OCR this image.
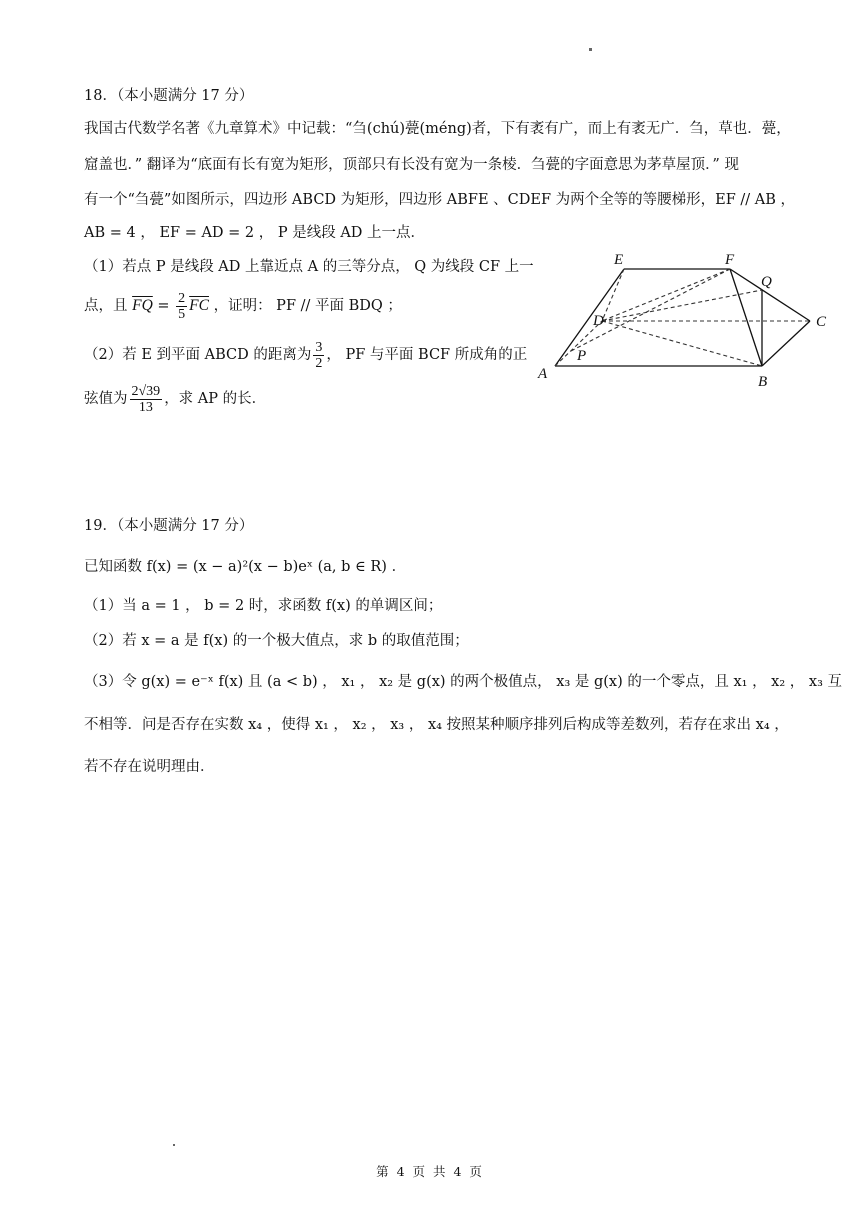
18．（本小题满分 17 分）
我国古代数学名著《九章算术》中记载：“刍(chú)甍(méng)者，下有袤有广，而上有袤无广．刍，草也．甍，
窟盖也．” 翻译为“底面有长有宽为矩形，顶部只有长没有宽为一条棱．刍甍的字面意思为茅草屋顶．” 现
有一个“刍甍”如图所示，四边形 ABCD 为矩形，四边形 ABFE 、CDEF 为两个全等的等腰梯形，EF // AB ，
AB = 4 ， EF = AD = 2 ， P 是线段 AD 上一点．
（1）若点 P 是线段 AD 上靠近点 A 的三等分点， Q 为线段 CF 上一
点，且 $\overline{FQ} = \frac{2}{5} \overline{FC}$ ，证明： PF // 平面 BDQ ；
（2）若 E 到平面 ABCD 的距离为 $\frac{3}{2}$ ， PF 与平面 BCF 所成角的正
弦值为 $\frac{2√39}{13}$ ，求 AP 的长．
E	F
Q
D	C
P
A	B
19．（本小题满分 17 分）
已知函数 f(x) = (x − a)²(x − b)eˣ (a, b ∈ R) ．
（1）当 a = 1 ， b = 2 时，求函数 f(x) 的单调区间；
（2）若 x = a 是 f(x) 的一个极大值点，求 b 的取值范围；
（3）令 g(x) = e⁻ˣ f(x) 且 (a < b) ， x₁ ， x₂ 是 g(x) 的两个极值点， x₃ 是 g(x) 的一个零点，且 x₁ ， x₂ ， x₃ 互
不相等．问是否存在实数 x₄ ，使得 x₁ ， x₂ ， x₃ ， x₄ 按照某种顺序排列后构成等差数列，若存在求出 x₄ ，
若不存在说明理由．
第 4 页 共 4 页
